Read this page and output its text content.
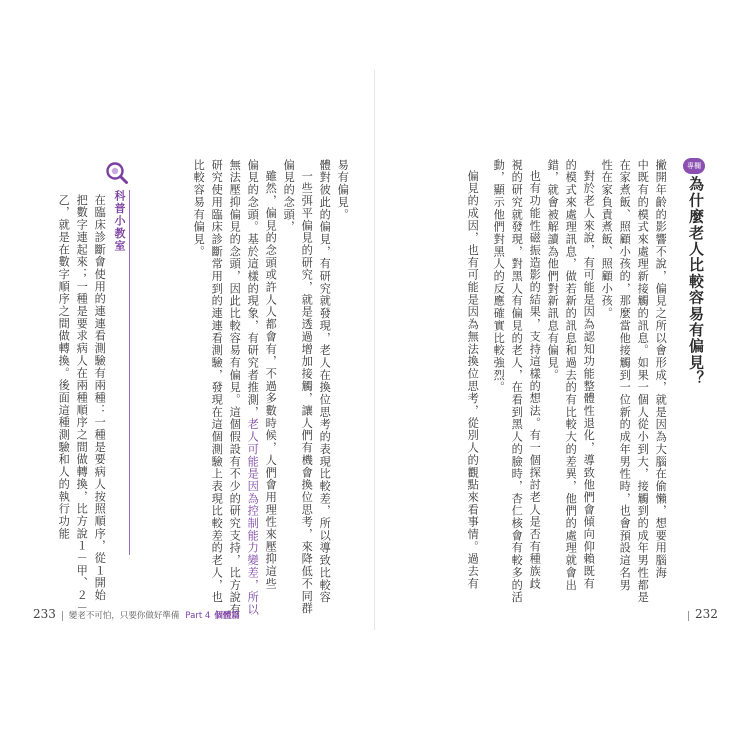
專欄
為什麼老人比較容易有偏見？
撇開年齡的影響不說，偏見之所以會形成，就是因為大腦在偷懶，想要用腦海
中既有的模式來處理新接觸的訊息。如果一個人從小到大，接觸到的成年男性都是
在家煮飯、照顧小孩的，那麼當他接觸到一位新的成年男性時，也會預設這名男
性在家負責煮飯、照顧小孩。
對於老人來說，有可能是因為認知功能整體性退化，導致他們會傾向仰賴既有
的模式來處理訊息，做若新的訊息和過去的有比較大的差異，他們的處理就會出
錯，就會被解讀為他們對新訊息有偏見。
也有功能性磁振造影的結果，支持這樣的想法。有一個探討老人是否有種族歧
視的研究就發現，對黑人有偏見的老人，在看到黑人的臉時，杏仁核會有較多的活
動，顯示他們對黑人的反應確實比較強烈。
偏見的成因，也有可能是因為無法換位思考，從別人的觀點來看事情。過去有
易有偏見。
體對彼此的偏見，有研究就發現，老人在換位思考的表現比較差，所以導致比較容
一些弭平偏見的研究，就是透過增加接觸，讓人們有機會換位思考，來降低不同群
偏見的念頭，
雖然，偏見的念頭或許人人都會有，不過多數時候，人們會用理性來壓抑這些
偏見的念頭。基於這樣的現象，有研究者推測，老人可能是因為控制能力變差，所以
無法壓抑偏見的念頭，因此比較容易有偏見。這個假設有不少的研究支持，比方說有
研究使用臨床診斷常用到的連連看測驗，發現在這個測驗上表現比較差的老人，也
比較容易有偏見。
科普小教室
在臨床診斷會使用的連連看測驗有兩種：一種是要病人按照順序，從１開始
把數字連起來；一種是要求病人在兩種順序之間做轉換，比方說１－甲、２－
乙，就是在數字順序之間做轉換。後面這種測驗和人的執行功能
233 變老不可怕，只要你做好準備 Part 4 個體篇	232
